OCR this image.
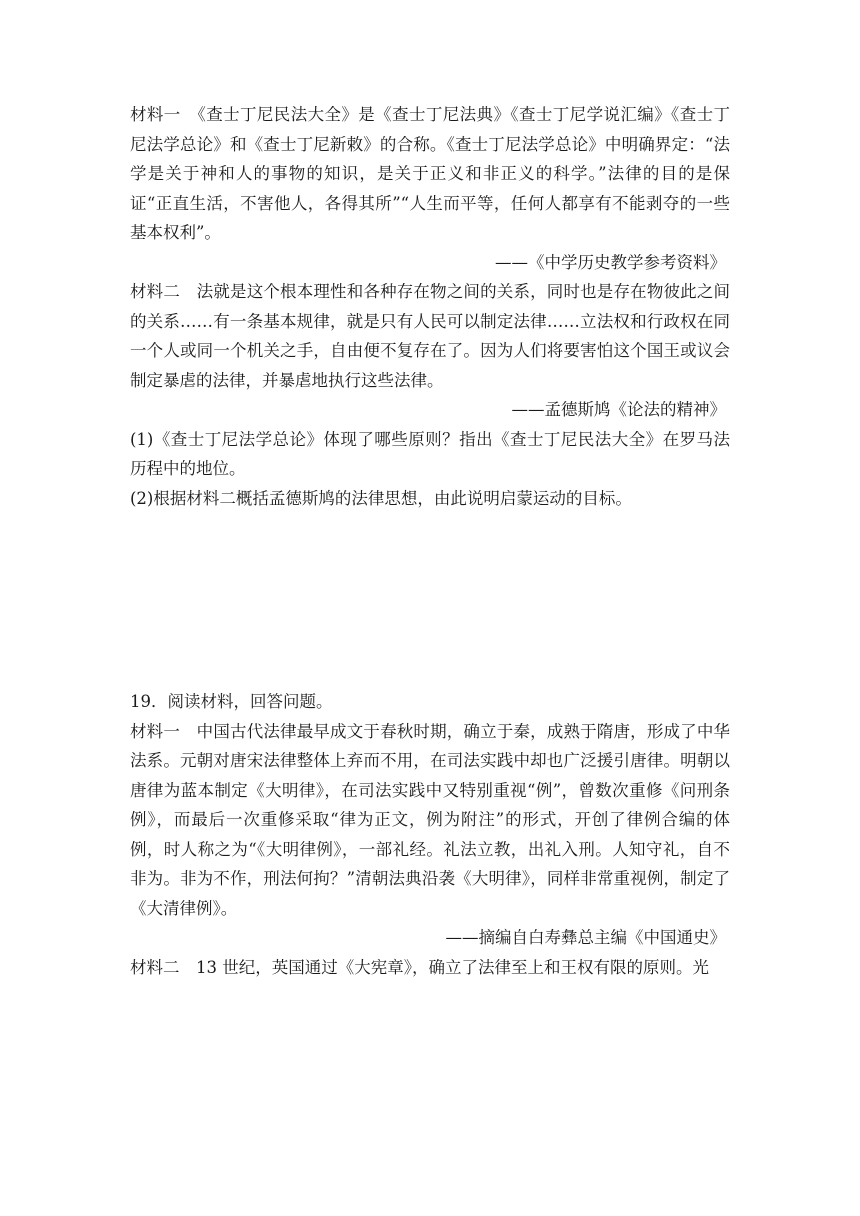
材料一　《查士丁尼民法大全》是《查士丁尼法典》《查士丁尼学说汇编》《查士丁尼法学总论》和《查士丁尼新敕》的合称。《查士丁尼法学总论》中明确界定：“法学是关于神和人的事物的知识，是关于正义和非正义的科学。”法律的目的是保证“正直生活，不害他人，各得其所”“人生而平等，任何人都享有不能剥夺的一些基本权利”。

——《中学历史教学参考资料》

材料二　法就是这个根本理性和各种存在物之间的关系，同时也是存在物彼此之间的关系……有一条基本规律，就是只有人民可以制定法律……立法权和行政权在同一个人或同一个机关之手，自由便不复存在了。因为人们将要害怕这个国王或议会制定暴虐的法律，并暴虐地执行这些法律。

——孟德斯鸠《论法的精神》

(1)《查士丁尼法学总论》体现了哪些原则？指出《查士丁尼民法大全》在罗马法历程中的地位。

(2)根据材料二概括孟德斯鸠的法律思想，由此说明启蒙运动的目标。

19．阅读材料，回答问题。

材料一　中国古代法律最早成文于春秋时期，确立于秦，成熟于隋唐，形成了中华法系。元朝对唐宋法律整体上弃而不用，在司法实践中却也广泛援引唐律。明朝以唐律为蓝本制定《大明律》，在司法实践中又特别重视“例”，曾数次重修《问刑条例》，而最后一次重修采取“律为正文，例为附注”的形式，开创了律例合编的体例，时人称之为“《大明律例》，一部礼经。礼法立教，出礼入刑。人知守礼，自不非为。非为不作，刑法何拘？”清朝法典沿袭《大明律》，同样非常重视例，制定了《大清律例》。

——摘编自白寿彝总主编《中国通史》

材料二　13 世纪，英国通过《大宪章》，确立了法律至上和王权有限的原则。光
